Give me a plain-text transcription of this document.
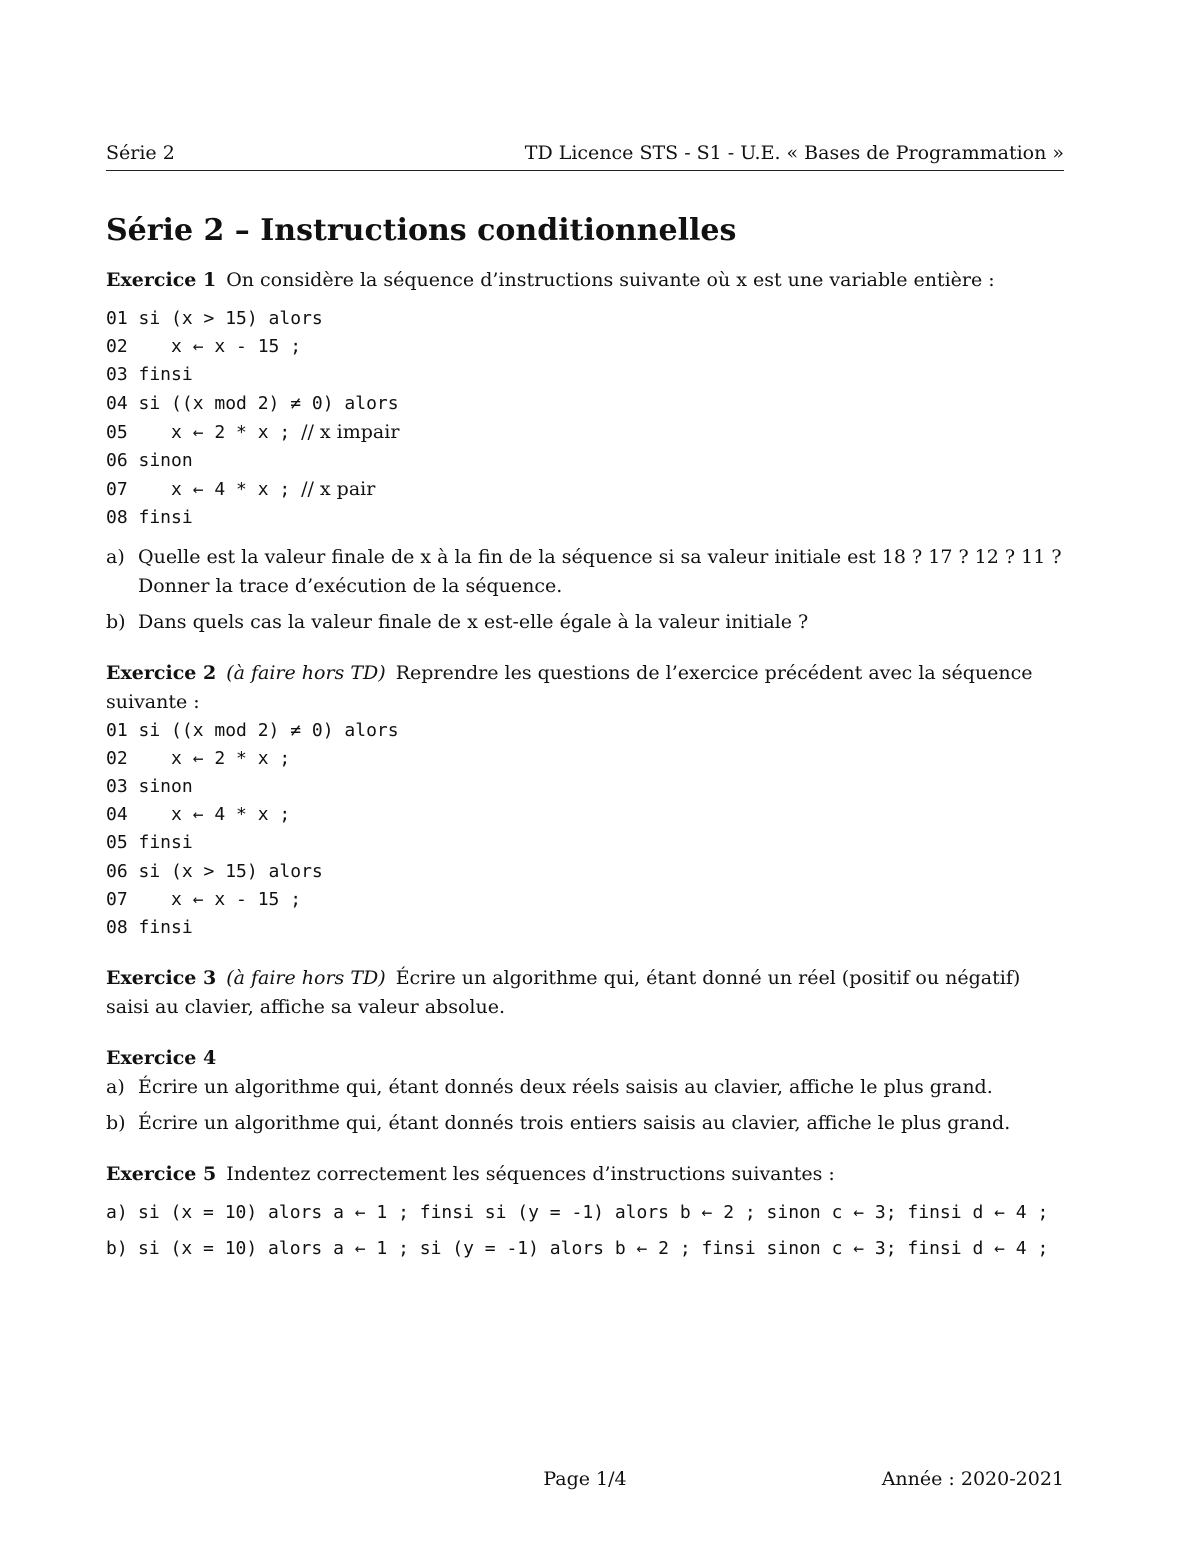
Série 2	TD Licence STS - S1 - U.E. « Bases de Programmation »
Série 2 – Instructions conditionnelles

Exercice 1 On considère la séquence d’instructions suivante où x est une variable entière :

01 si (x > 15) alors
02    x ← x - 15 ;
03 finsi
04 si ((x mod 2) ≠ 0) alors
05    x ← 2 * x ; // x impair
06 sinon
07    x ← 4 * x ; // x pair
08 finsi

a) Quelle est la valeur finale de x à la fin de la séquence si sa valeur initiale est 18 ? 17 ? 12 ? 11 ? Donner la trace d’exécution de la séquence.

b) Dans quels cas la valeur finale de x est-elle égale à la valeur initiale ?

Exercice 2 (à faire hors TD) Reprendre les questions de l’exercice précédent avec la séquence suivante :

01 si ((x mod 2) ≠ 0) alors
02    x ← 2 * x ;
03 sinon
04    x ← 4 * x ;
05 finsi
06 si (x > 15) alors
07    x ← x - 15 ;
08 finsi

Exercice 3 (à faire hors TD) Écrire un algorithme qui, étant donné un réel (positif ou négatif) saisi au clavier, affiche sa valeur absolue.

Exercice 4

a) Écrire un algorithme qui, étant donnés deux réels saisis au clavier, affiche le plus grand.

b) Écrire un algorithme qui, étant donnés trois entiers saisis au clavier, affiche le plus grand.

Exercice 5 Indentez correctement les séquences d’instructions suivantes :

a) si (x = 10) alors a ← 1 ; finsi si (y = -1) alors b ← 2 ; sinon c ← 3; finsi d ← 4 ;

b) si (x = 10) alors a ← 1 ; si (y = -1) alors b ← 2 ; finsi sinon c ← 3; finsi d ← 4 ;

Page 1/4	Année : 2020-2021
